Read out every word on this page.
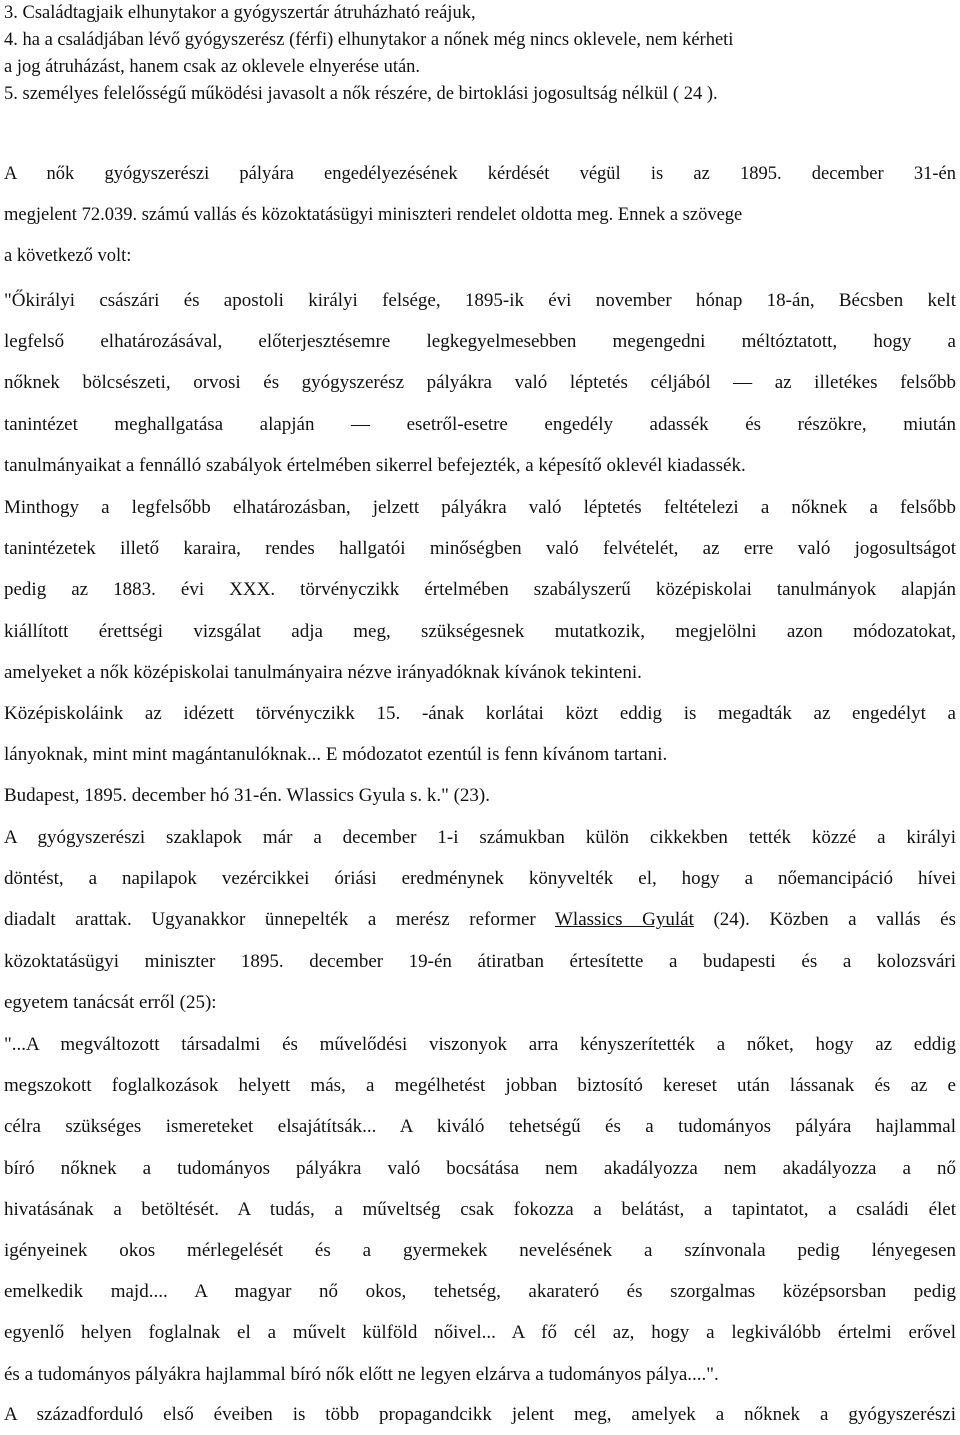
3. Családtagjaik elhunytakor a gyógyszertár átruházható reájuk,
4. ha a családjában lévő gyógyszerész (férfi) elhunytakor a nőnek még nincs oklevele, nem kérheti
a jog átruházást, hanem csak az oklevele elnyerése után.
5. személyes felelősségű működési javasolt a nők részére, de birtoklási jogosultság nélkül ( 24 ).
A nők gyógyszerészi pályára engedélyezésének kérdését végül is az 1895. december 31-én
megjelent 72.039. számú vallás és közoktatásügyi miniszteri rendelet oldotta meg. Ennek a szövege
a következő volt:
"Őkirályi császári és apostoli királyi felsége, 1895-ik évi november hónap 18-án, Bécsben kelt
legfelső elhatározásával, előterjesztésemre legkegyelmesebben megengedni méltóztatott, hogy a
nőknek bölcsészeti, orvosi és gyógyszerész pályákra való léptetés céljából — az illetékes felsőbb
tanintézet meghallgatása alapján — esetről-esetre engedély adassék és részökre, miután
tanulmányaikat a fennálló szabályok értelmében sikerrel befejezték, a képesítő oklevél kiadassék.
Minthogy a legfelsőbb elhatározásban, jelzett pályákra való léptetés feltételezi a nőknek a felsőbb
tanintézetek illető karaira, rendes hallgatói minőségben való felvételét, az erre való jogosultságot
pedig az 1883. évi XXX. törvényczikk értelmében szabályszerű középiskolai tanulmányok alapján
kiállított érettségi vizsgálat adja meg, szükségesnek mutatkozik, megjelölni azon módozatokat,
amelyeket a nők középiskolai tanulmányaira nézve irányadóknak kívánok tekinteni.
Középiskoláink az idézett törvényczikk 15. -ának korlátai közt eddig is megadták az engedélyt a
lányoknak, mint mint magántanulóknak... E módozatot ezentúl is fenn kívánom tartani.
Budapest, 1895. december hó 31-én. Wlassics Gyula s. k." (23).
A gyógyszerészi szaklapok már a december 1-i számukban külön cikkekben tették közzé a királyi
döntést, a napilapok vezércikkei óriási eredménynek könyvelték el, hogy a nőemancipáció hívei
diadalt arattak. Ugyanakkor ünnepelték a merész reformer Wlassics Gyulát (24). Közben a vallás és
közoktatásügyi miniszter 1895. december 19-én átiratban értesítette a budapesti és a kolozsvári
egyetem tanácsát erről (25):
"...A megváltozott társadalmi és művelődési viszonyok arra kényszerítették a nőket, hogy az eddig
megszokott foglalkozások helyett más, a megélhetést jobban biztosító kereset után lássanak és az e
célra szükséges ismereteket elsajátítsák... A kiváló tehetségű és a tudományos pályára hajlammal
bíró nőknek a tudományos pályákra való bocsátása nem akadályozza nem akadályozza a nő
hivatásának a betöltését. A tudás, a műveltség csak fokozza a belátást, a tapintatot, a családi élet
igényeinek okos mérlegelését és a gyermekek nevelésének a színvonala pedig lényegesen
emelkedik majd.... A magyar nő okos, tehetség, akarateró és szorgalmas középsorsban pedig
egyenlő helyen foglalnak el a művelt külföld nőivel... A fő cél az, hogy a legkiválóbb értelmi erővel
és a tudományos pályákra hajlammal bíró nők előtt ne legyen elzárva a tudományos pálya....".
A századforduló első éveiben is több propagandcikk jelent meg, amelyek a nőknek a gyógyszerészi
